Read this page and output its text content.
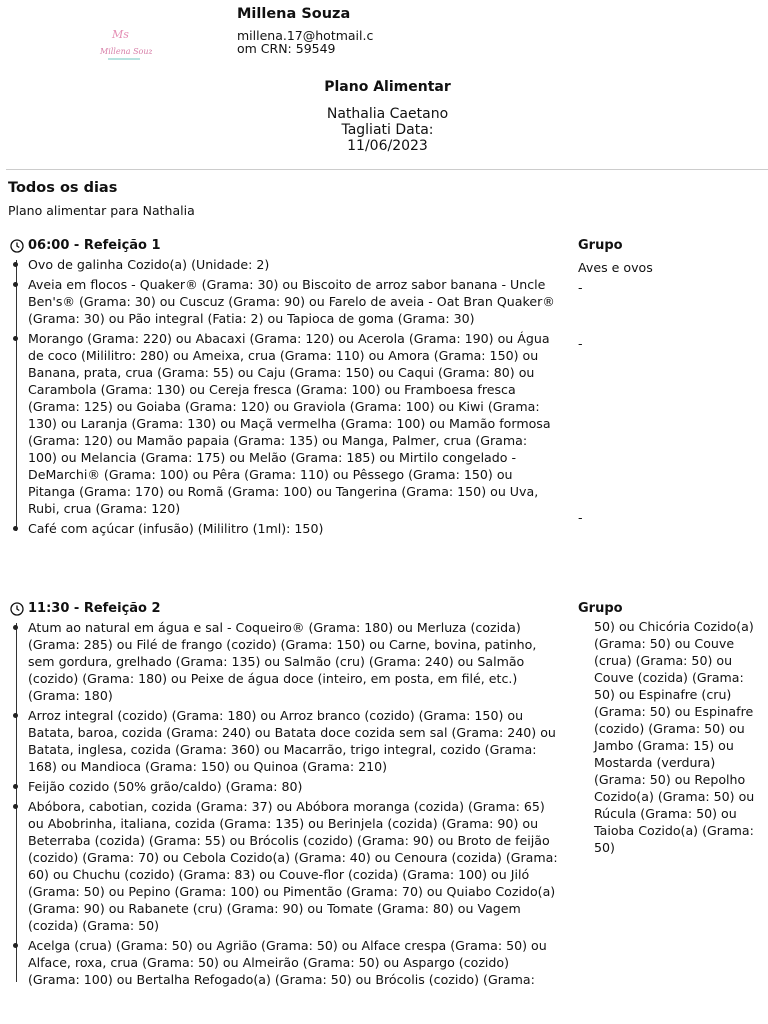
Ms
Millena Souza
Millena Souza
millena.17@hotmail.c
om CRN: 59549
Plano Alimentar
Nathalia Caetano
Tagliati Data:
11/06/2023
Todos os dias
Plano alimentar para Nathalia
06:00 - Refeição 1
Ovo de galinha Cozido(a) (Unidade: 2)
Aveia em flocos - Quaker® (Grama: 30) ou Biscoito de arroz sabor banana - Uncle Ben's® (Grama: 30) ou Cuscuz (Grama: 90) ou Farelo de aveia - Oat Bran Quaker® (Grama: 30) ou Pão integral (Fatia: 2) ou Tapioca de goma (Grama: 30)
Morango (Grama: 220) ou Abacaxi (Grama: 120) ou Acerola (Grama: 190) ou Água de coco (Mililitro: 280) ou Ameixa, crua (Grama: 110) ou Amora (Grama: 150) ou Banana, prata, crua (Grama: 55) ou Caju (Grama: 150) ou Caqui (Grama: 80) ou Carambola (Grama: 130) ou Cereja fresca (Grama: 100) ou Framboesa fresca (Grama: 125) ou Goiaba (Grama: 120) ou Graviola (Grama: 100) ou Kiwi (Grama: 130) ou Laranja (Grama: 130) ou Maçã vermelha (Grama: 100) ou Mamão formosa (Grama: 120) ou Mamão papaia (Grama: 135) ou Manga, Palmer, crua (Grama: 100) ou Melancia (Grama: 175) ou Melão (Grama: 185) ou Mirtilo congelado - DeMarchi® (Grama: 100) ou Pêra (Grama: 110) ou Pêssego (Grama: 150) ou Pitanga (Grama: 170) ou Romã (Grama: 100) ou Tangerina (Grama: 150) ou Uva, Rubi, crua (Grama: 120)
Café com açúcar (infusão) (Mililitro (1ml): 150)
Grupo
Aves e ovos
-
-
-
11:30 - Refeição 2
Atum ao natural em água e sal - Coqueiro® (Grama: 180) ou Merluza (cozida) (Grama: 285) ou Filé de frango (cozido) (Grama: 150) ou Carne, bovina, patinho, sem gordura, grelhado (Grama: 135) ou Salmão (cru) (Grama: 240) ou Salmão (cozido) (Grama: 180) ou Peixe de água doce (inteiro, em posta, em filé, etc.) (Grama: 180)
Arroz integral (cozido) (Grama: 180) ou Arroz branco (cozido) (Grama: 150) ou Batata, baroa, cozida (Grama: 240) ou Batata doce cozida sem sal (Grama: 240) ou Batata, inglesa, cozida (Grama: 360) ou Macarrão, trigo integral, cozido (Grama: 168) ou Mandioca (Grama: 150) ou Quinoa (Grama: 210)
Feijão cozido (50% grão/caldo) (Grama: 80)
Abóbora, cabotian, cozida (Grama: 37) ou Abóbora moranga (cozida) (Grama: 65) ou Abobrinha, italiana, cozida (Grama: 135) ou Berinjela (cozida) (Grama: 90) ou Beterraba (cozida) (Grama: 55) ou Brócolis (cozido) (Grama: 90) ou Broto de feijão (cozido) (Grama: 70) ou Cebola Cozido(a) (Grama: 40) ou Cenoura (cozida) (Grama: 60) ou Chuchu (cozido) (Grama: 83) ou Couve-flor (cozida) (Grama: 100) ou Jiló (Grama: 50) ou Pepino (Grama: 100) ou Pimentão (Grama: 70) ou Quiabo Cozido(a) (Grama: 90) ou Rabanete (cru) (Grama: 90) ou Tomate (Grama: 80) ou Vagem (cozida) (Grama: 50)
Acelga (crua) (Grama: 50) ou Agrião (Grama: 50) ou Alface crespa (Grama: 50) ou Alface, roxa, crua (Grama: 50) ou Almeirão (Grama: 50) ou Aspargo (cozido) (Grama: 100) ou Bertalha Refogado(a) (Grama: 50) ou Brócolis (cozido) (Grama:
Grupo
50) ou Chicória Cozido(a) (Grama: 50) ou Couve (crua) (Grama: 50) ou Couve (cozida) (Grama: 50) ou Espinafre (cru) (Grama: 50) ou Espinafre (cozido) (Grama: 50) ou Jambo (Grama: 15) ou Mostarda (verdura) (Grama: 50) ou Repolho Cozido(a) (Grama: 50) ou Rúcula (Grama: 50) ou Taioba Cozido(a) (Grama: 50)
